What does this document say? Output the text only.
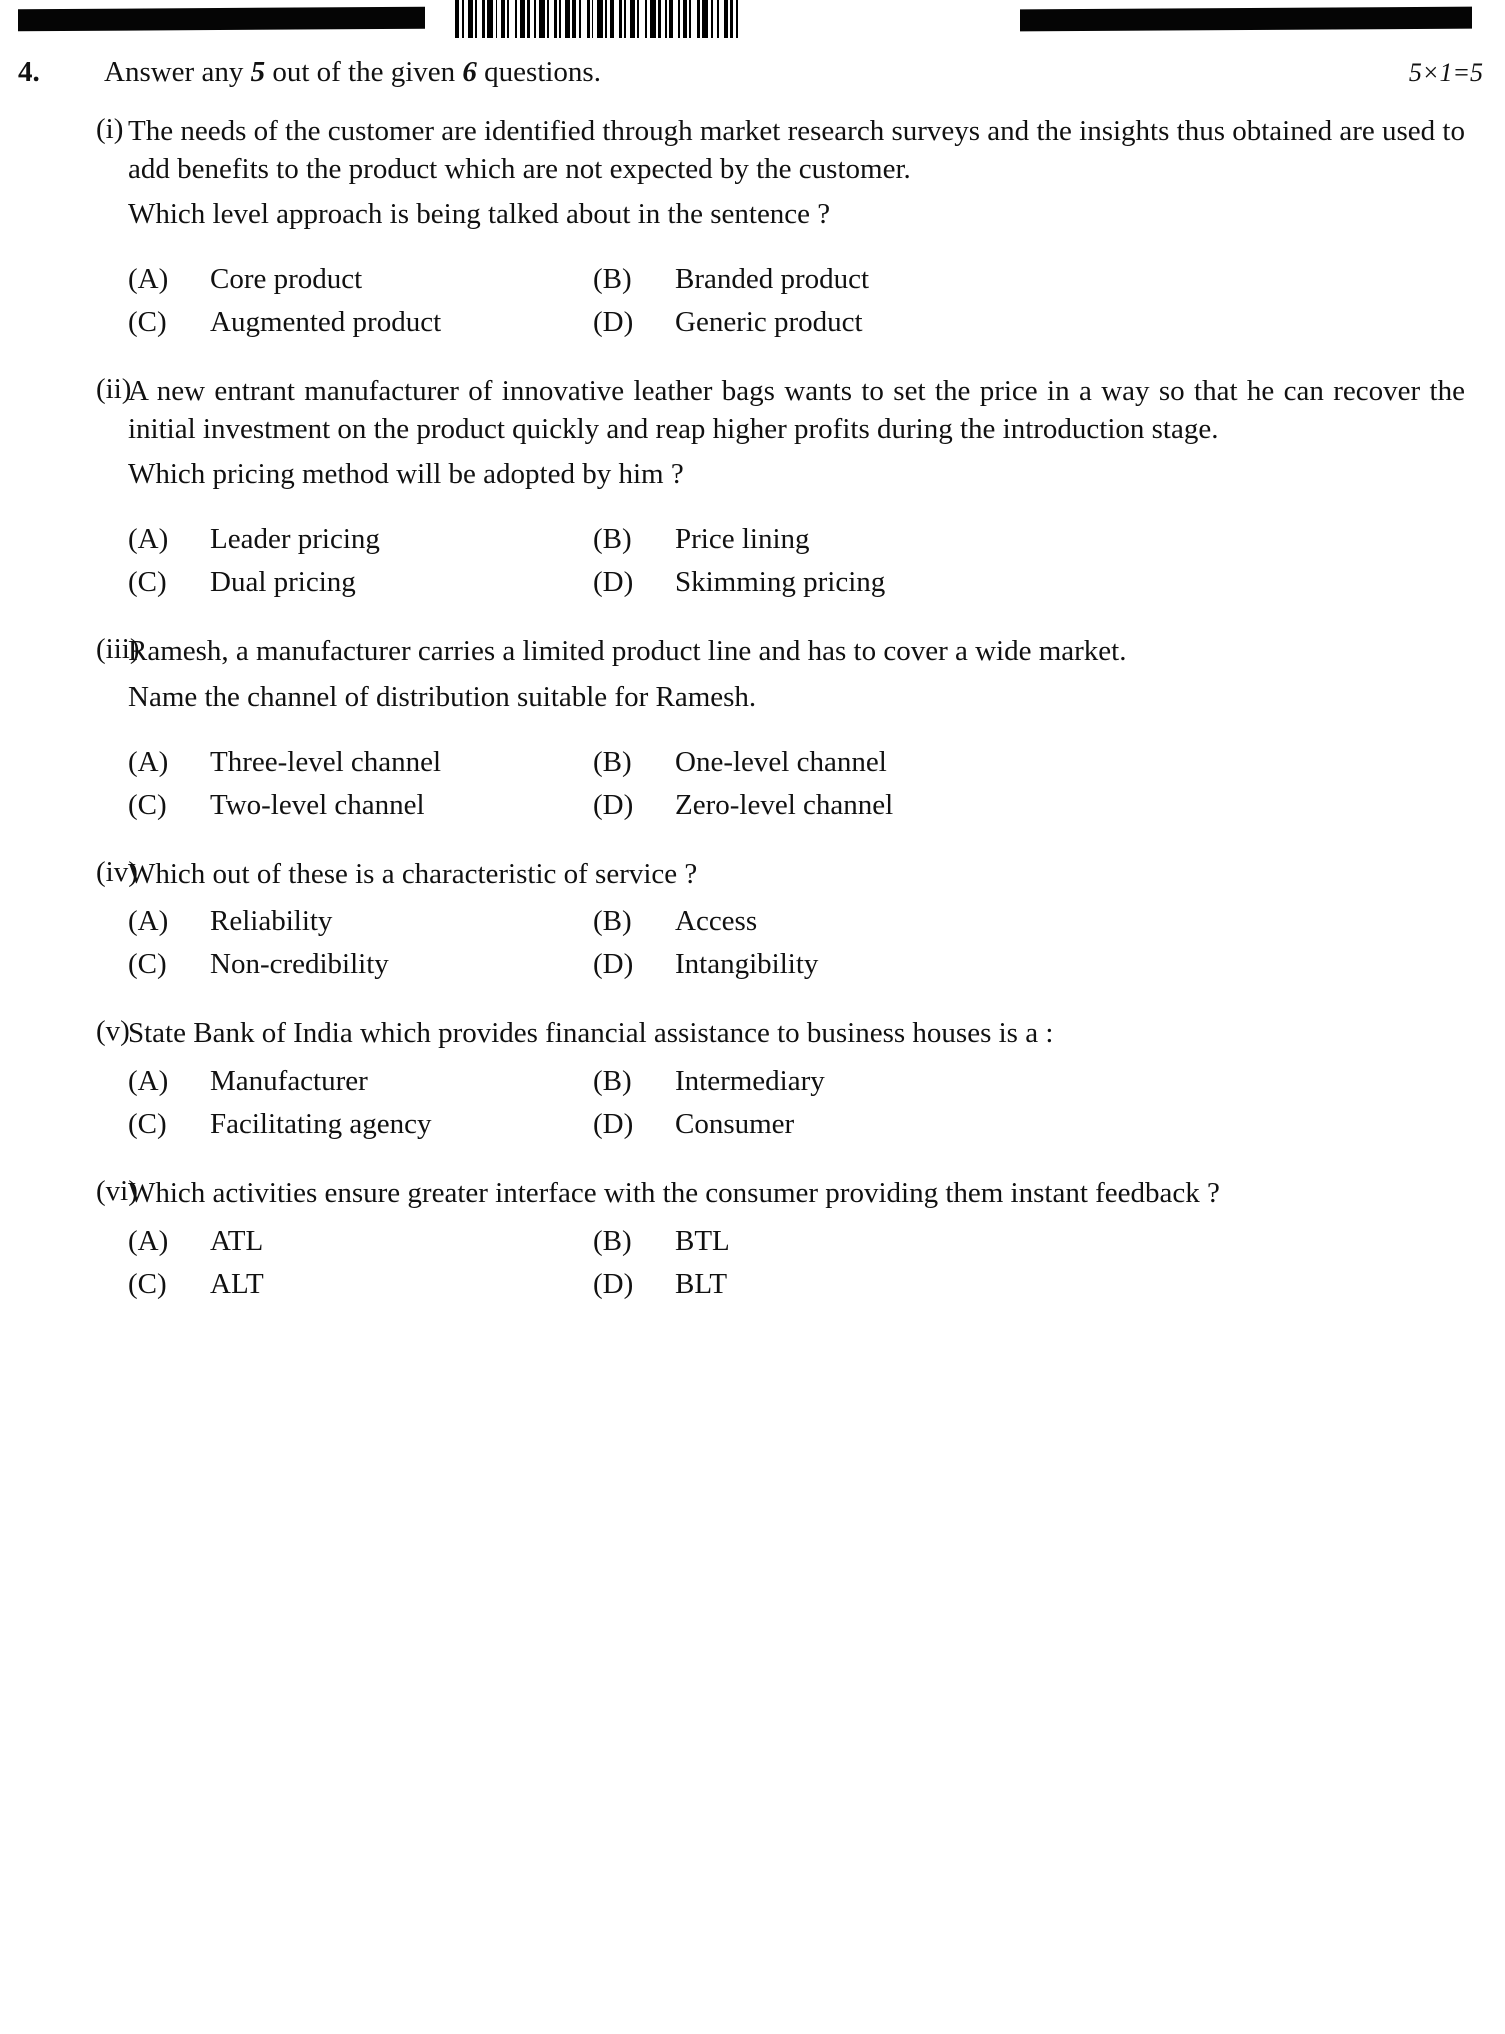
4.	Answer any 5 out of the given 6 questions.	5×1=5
(i) The needs of the customer are identified through market research surveys and the insights thus obtained are used to add benefits to the product which are not expected by the customer.

Which level approach is being talked about in the sentence ?

(A)	Core product	(B)	Branded product
(C)	Augmented product	(D)	Generic product
(ii)

A new entrant manufacturer of innovative leather bags wants to set the price in a way so that he can recover the initial investment on the product quickly and reap higher profits during the introduction stage.

Which pricing method will be adopted by him ?

(A)	Leader pricing	(B)	Price lining
(C)	Dual pricing	(D)	Skimming pricing
(iii)

Ramesh, a manufacturer carries a limited product line and has to cover a wide market.

Name the channel of distribution suitable for Ramesh.

(A)	Three-level channel	(B)	One-level channel
(C)	Two-level channel	(D)	Zero-level channel
(iv)

Which out of these is a characteristic of service ?

(A)	Reliability	(B)	Access
(C)	Non-credibility	(D)	Intangibility
(v)

State Bank of India which provides financial assistance to business houses is a :

(A)	Manufacturer	(B)	Intermediary
(C)	Facilitating agency	(D)	Consumer
(vi)

Which activities ensure greater interface with the consumer providing them instant feedback ?

(A)	ATL	(B)	BTL
(C)	ALT	(D)	BLT
